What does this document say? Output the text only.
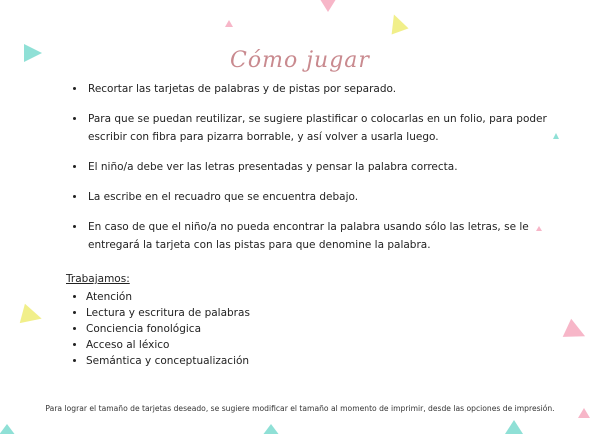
Cómo jugar
• Recortar las tarjetas de palabras y de pistas por separado.
• Para que se puedan reutilizar, se sugiere plastificar o colocarlas en un folio, para poder escribir con fibra para pizarra borrable, y así volver a usarla luego.
• El niño/a debe ver las letras presentadas y pensar la palabra correcta.
• La escribe en el recuadro que se encuentra debajo.
• En caso de que el niño/a no pueda encontrar la palabra usando sólo las letras, se le entregará la tarjeta con las pistas para que denomine la palabra.
Trabajamos:
• Atención
• Lectura y escritura de palabras
• Conciencia fonológica
• Acceso al léxico
• Semántica y conceptualización
Para lograr el tamaño de tarjetas deseado, se sugiere modificar el tamaño al momento de imprimir, desde las opciones de impresión.
